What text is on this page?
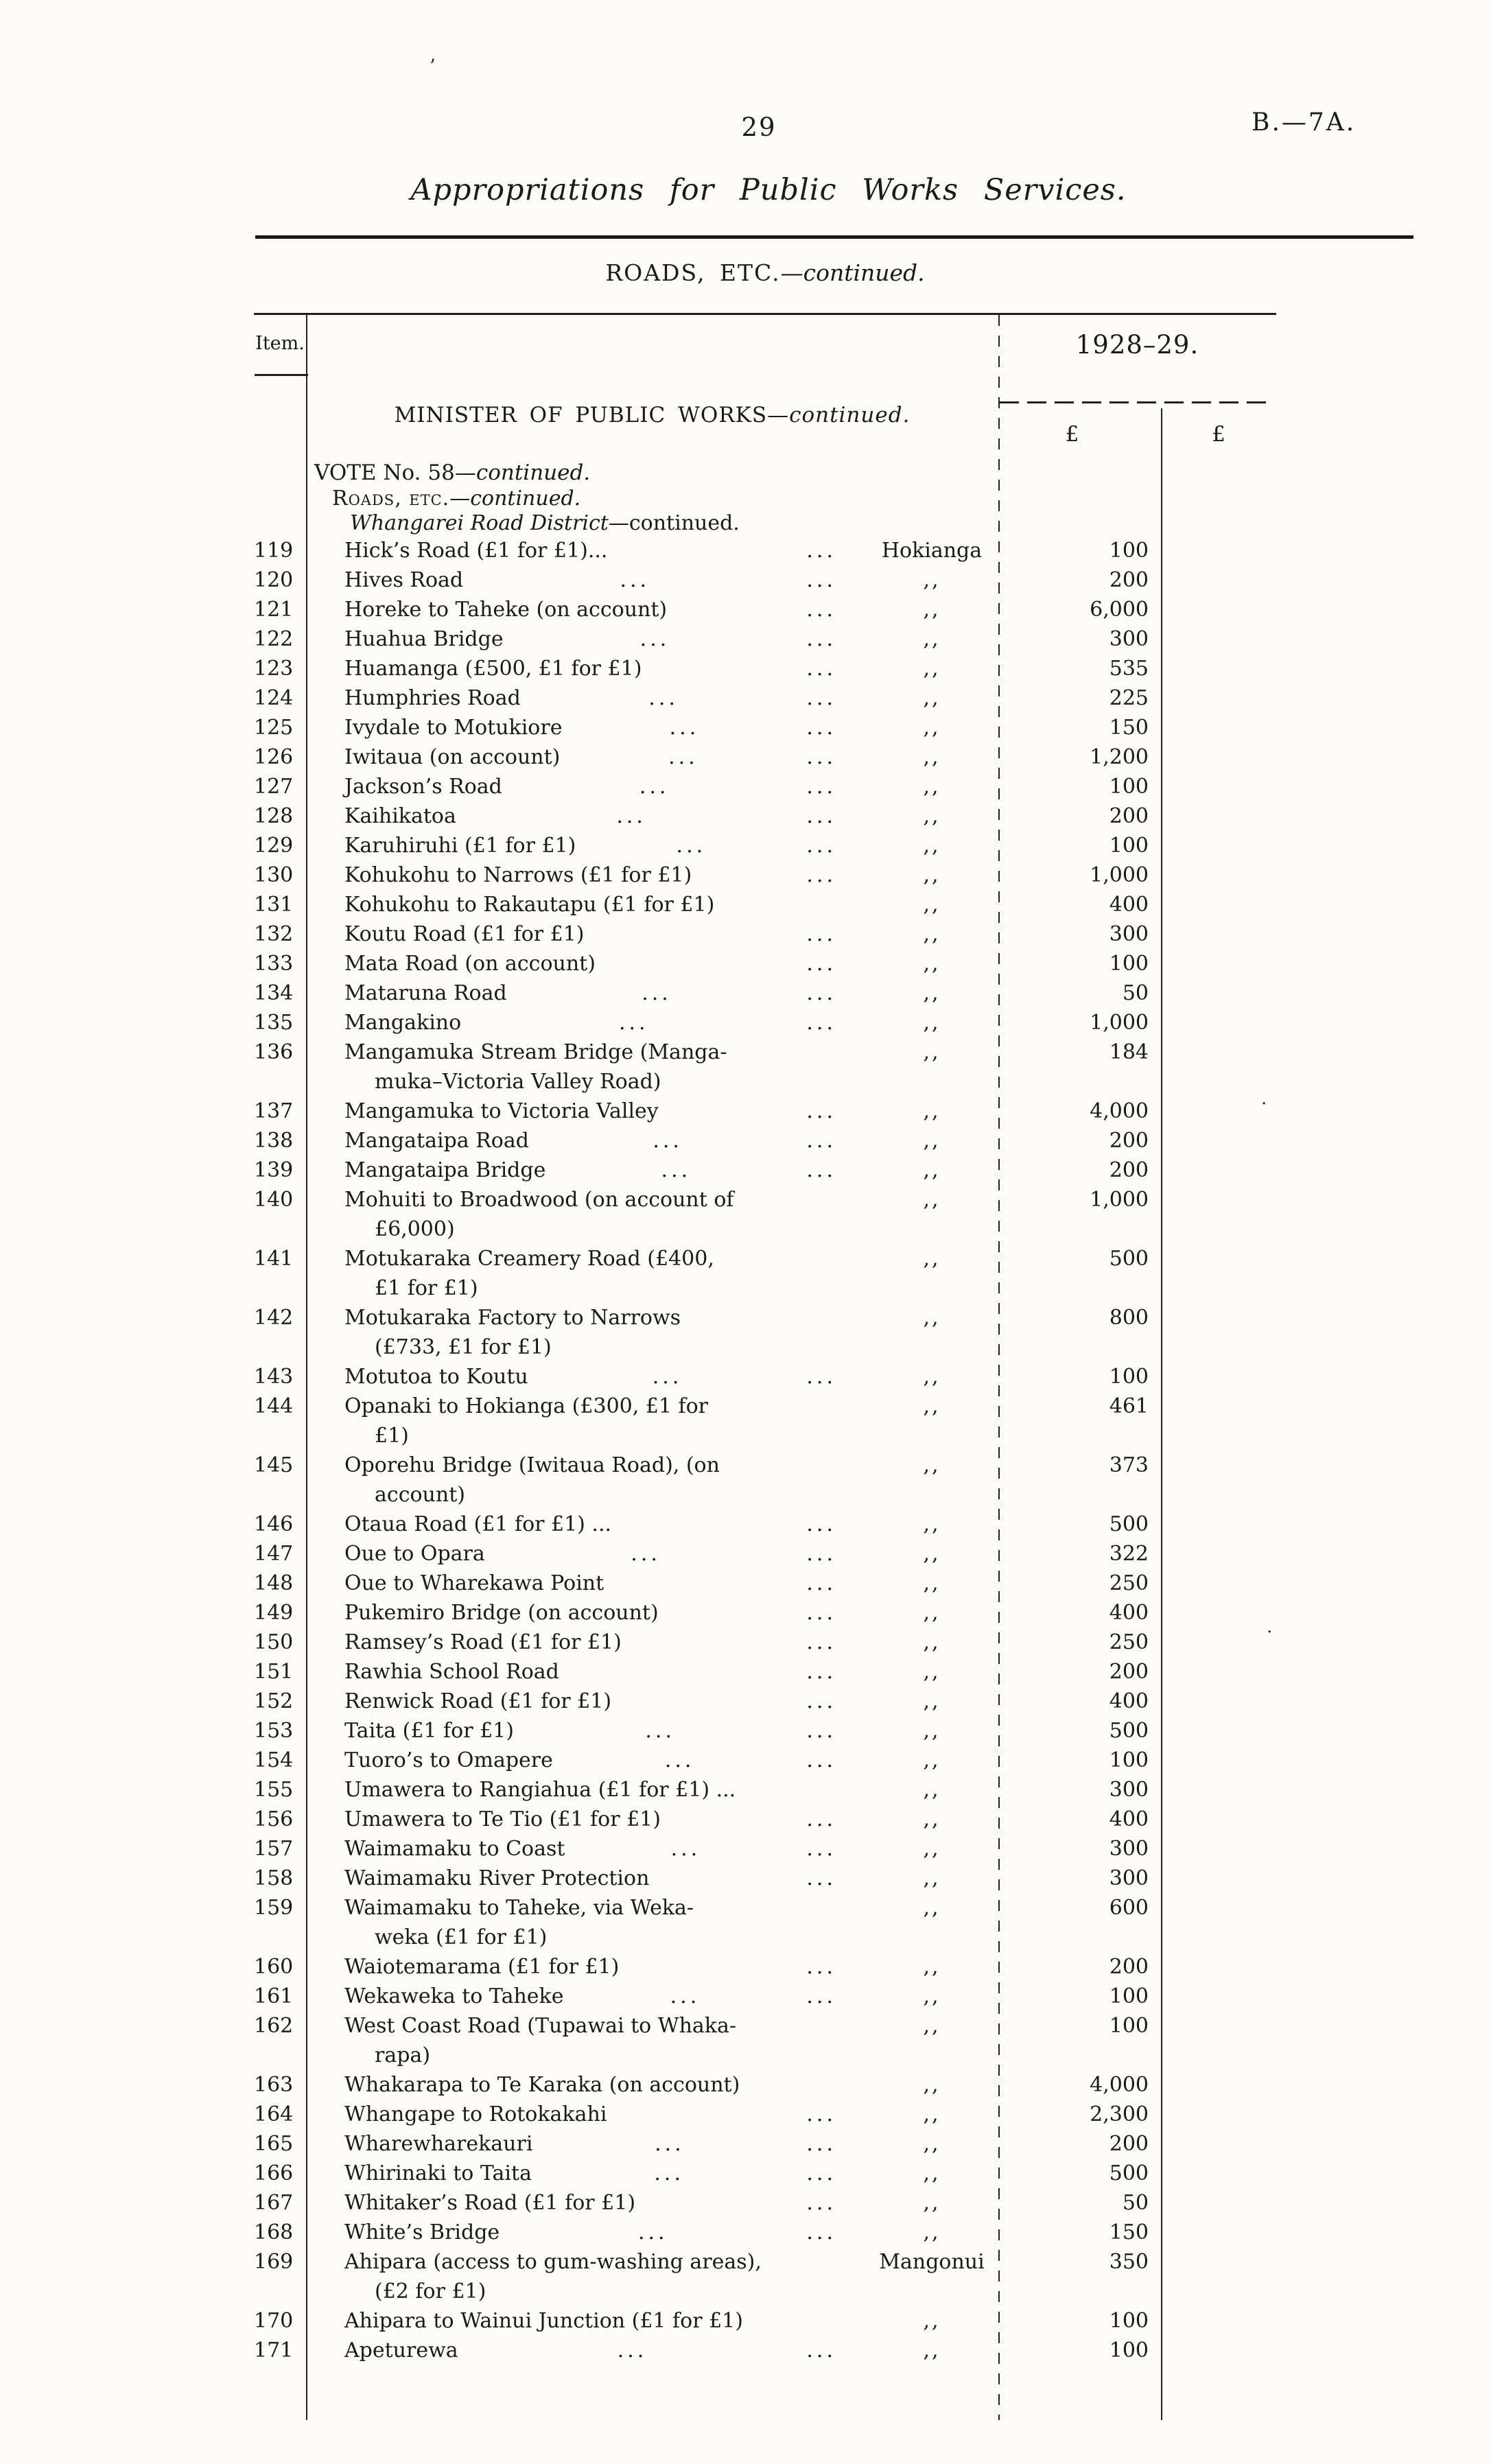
29	B.—7A.
Appropriations for Public Works Services.
ROADS, ETC.—continued.
’
.
.
Item.	1928–29.
£	£
MINISTER OF PUBLIC WORKS—continued.
VOTE No. 58—continued.
Roads, etc.—continued.
Whangarei Road District—continued.
119	Hick’s Road (£1 for £1)...	...	Hokianga	100
120	Hives Road	...	...	,,	200
121	Horeke to Taheke (on account)	...	,,	6,000
122	Huahua Bridge	...	...	,,	300
123	Huamanga (£500, £1 for £1)	...	,,	535
124	Humphries Road	...	...	,,	225
125	Ivydale to Motukiore	...	...	,,	150
126	Iwitaua (on account)	...	...	,,	1,200
127	Jackson’s Road	...	...	,,	100
128	Kaihikatoa	...	...	,,	200
129	Karuhiruhi (£1 for £1)	...	...	,,	100
130	Kohukohu to Narrows (£1 for £1)	...	,,	1,000
131	Kohukohu to Rakautapu (£1 for £1)	,,	400
132	Koutu Road (£1 for £1)	...	,,	300
133	Mata Road (on account)	...	,,	100
134	Mataruna Road	...	...	,,	50
135	Mangakino	...	...	,,	1,000
136	Mangamuka Stream Bridge (Manga-
muka–Victoria Valley Road)
,,	184
137	Mangamuka to Victoria Valley	...	,,	4,000
138	Mangataipa Road	...	...	,,	200
139	Mangataipa Bridge	...	...	,,	200
140	Mohuiti to Broadwood (on account of
£6,000)
,,	1,000
141	Motukaraka Creamery Road (£400,
£1 for £1)
,,	500
142	Motukaraka Factory to Narrows
(£733, £1 for £1)
,,	800
143	Motutoa to Koutu	...	...	,,	100
144	Opanaki to Hokianga (£300, £1 for
£1)
,,	461
145	Oporehu Bridge (Iwitaua Road), (on
account)
,,	373
146	Otaua Road (£1 for £1) ...	...	,,	500
147	Oue to Opara	...	...	,,	322
148	Oue to Wharekawa Point	...	,,	250
149	Pukemiro Bridge (on account)	...	,,	400
150	Ramsey’s Road (£1 for £1)	...	,,	250
151	Rawhia School Road	...	,,	200
152	Renwick Road (£1 for £1)	...	,,	400
153	Taita (£1 for £1)	...	...	,,	500
154	Tuoro’s to Omapere	...	...	,,	100
155	Umawera to Rangiahua (£1 for £1) ...	,,	300
156	Umawera to Te Tio (£1 for £1)	...	,,	400
157	Waimamaku to Coast	...	...	,,	300
158	Waimamaku River Protection	...	,,	300
159	Waimamaku to Taheke, via Weka-
weka (£1 for £1)
,,	600
160	Waiotemarama (£1 for £1)	...	,,	200
161	Wekaweka to Taheke	...	...	,,	100
162	West Coast Road (Tupawai to Whaka-
rapa)
,,	100
163	Whakarapa to Te Karaka (on account)	,,	4,000
164	Whangape to Rotokakahi	...	,,	2,300
165	Wharewharekauri	...	...	,,	200
166	Whirinaki to Taita	...	...	,,	500
167	Whitaker’s Road (£1 for £1)	...	,,	50
168	White’s Bridge	...	...	,,	150
169	Ahipara (access to gum-washing areas),
(£2 for £1)
Mangonui	350
170	Ahipara to Wainui Junction (£1 for £1)	,,	100
171	Apeturewa	...	...	,,	100
